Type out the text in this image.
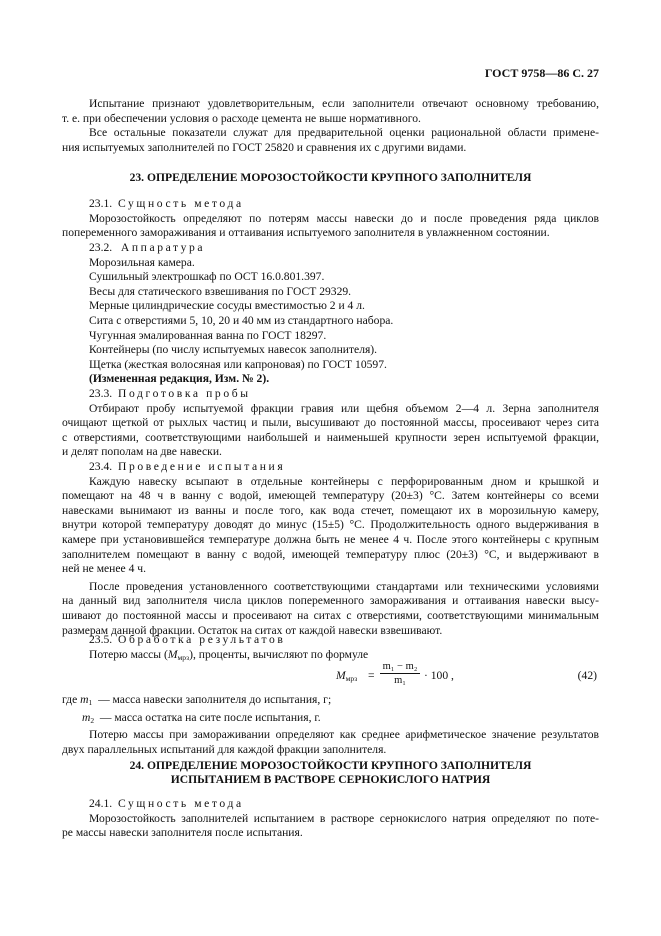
ГОСТ 9758—86 С. 27

Испытание признают удовлетворительным, если заполнители отвечают основному требованию,

т. е. при обеспечении условия о расходе цемента не выше нормативного.

Все остальные показатели служат для предварительной оценки рациональной области примене-

ния испытуемых заполнителей по ГОСТ 25820 и сравнения их с другими видами.

23. ОПРЕДЕЛЕНИЕ МОРОЗОСТОЙКОСТИ КРУПНОГО ЗАПОЛНИТЕЛЯ

23.1. Сущность метода

Морозостойкость определяют по потерям массы навески до и после проведения ряда циклов

попеременного замораживания и оттаивания испытуемого заполнителя в увлажненном состоянии.

23.2. Аппаратура

Морозильная камера.

Сушильный электрошкаф по ОСТ 16.0.801.397.

Весы для статического взвешивания по ГОСТ 29329.

Мерные цилиндрические сосуды вместимостью 2 и 4 л.

Сита с отверстиями 5, 10, 20 и 40 мм из стандартного набора.

Чугунная эмалированная ванна по ГОСТ 18297.

Контейнеры (по числу испытуемых навесок заполнителя).

Щетка (жесткая волосяная или капроновая) по ГОСТ 10597.

(Измененная редакция, Изм. № 2).

23.3. Подготовка пробы

Отбирают пробу испытуемой фракции гравия или щебня объемом 2—4 л. Зерна заполнителя

очищают щеткой от рыхлых частиц и пыли, высушивают до постоянной массы, просеивают через сита

с отверстиями, соответствующими наибольшей и наименьшей крупности зерен испытуемой фракции,

и делят пополам на две навески.

23.4. Проведение испытания

Каждую навеску всыпают в отдельные контейнеры с перфорированным дном и крышкой и

помещают на 48 ч в ванну с водой, имеющей температуру (20±3) °С. Затем контейнеры со всеми

навесками вынимают из ванны и после того, как вода стечет, помещают их в морозильную камеру,

внутри которой температуру доводят до минус (15±5) °С. Продолжительность одного выдерживания в

камере при установившейся температуре должна быть не менее 4 ч. После этого контейнеры с крупным

заполнителем помещают в ванну с водой, имеющей температуру плюс (20±3) °С, и выдерживают в

ней не менее 4 ч.

После проведения установленного соответствующими стандартами или техническими условиями

на данный вид заполнителя числа циклов попеременного замораживания и оттаивания навески высу-

шивают до постоянной массы и просеивают на ситах с отверстиями, соответствующими минимальным

размерам данной фракции. Остаток на ситах от каждой навески взвешивают.

23.5. Обработка результатов

Потерю массы $(M_{мрз})$, проценты, вычисляют по формуле

$M_{мрз} = \frac{\text{m₁ − m₂}}{\text{m₁}} \cdot 100$ ,	(42)

где $m_1$ — масса навески заполнителя до испытания, г;

$m_2$ — масса остатка на сите после испытания, г.

Потерю массы при замораживании определяют как среднее арифметическое значение результатов

двух параллельных испытаний для каждой фракции заполнителя.

24. ОПРЕДЕЛЕНИЕ МОРОЗОСТОЙКОСТИ КРУПНОГО ЗАПОЛНИТЕЛЯ
ИСПЫТАНИЕМ В РАСТВОРЕ СЕРНОКИСЛОГО НАТРИЯ

24.1. Сущность метода

Морозостойкость заполнителей испытанием в растворе сернокислого натрия определяют по поте-

ре массы навески заполнителя после испытания.
